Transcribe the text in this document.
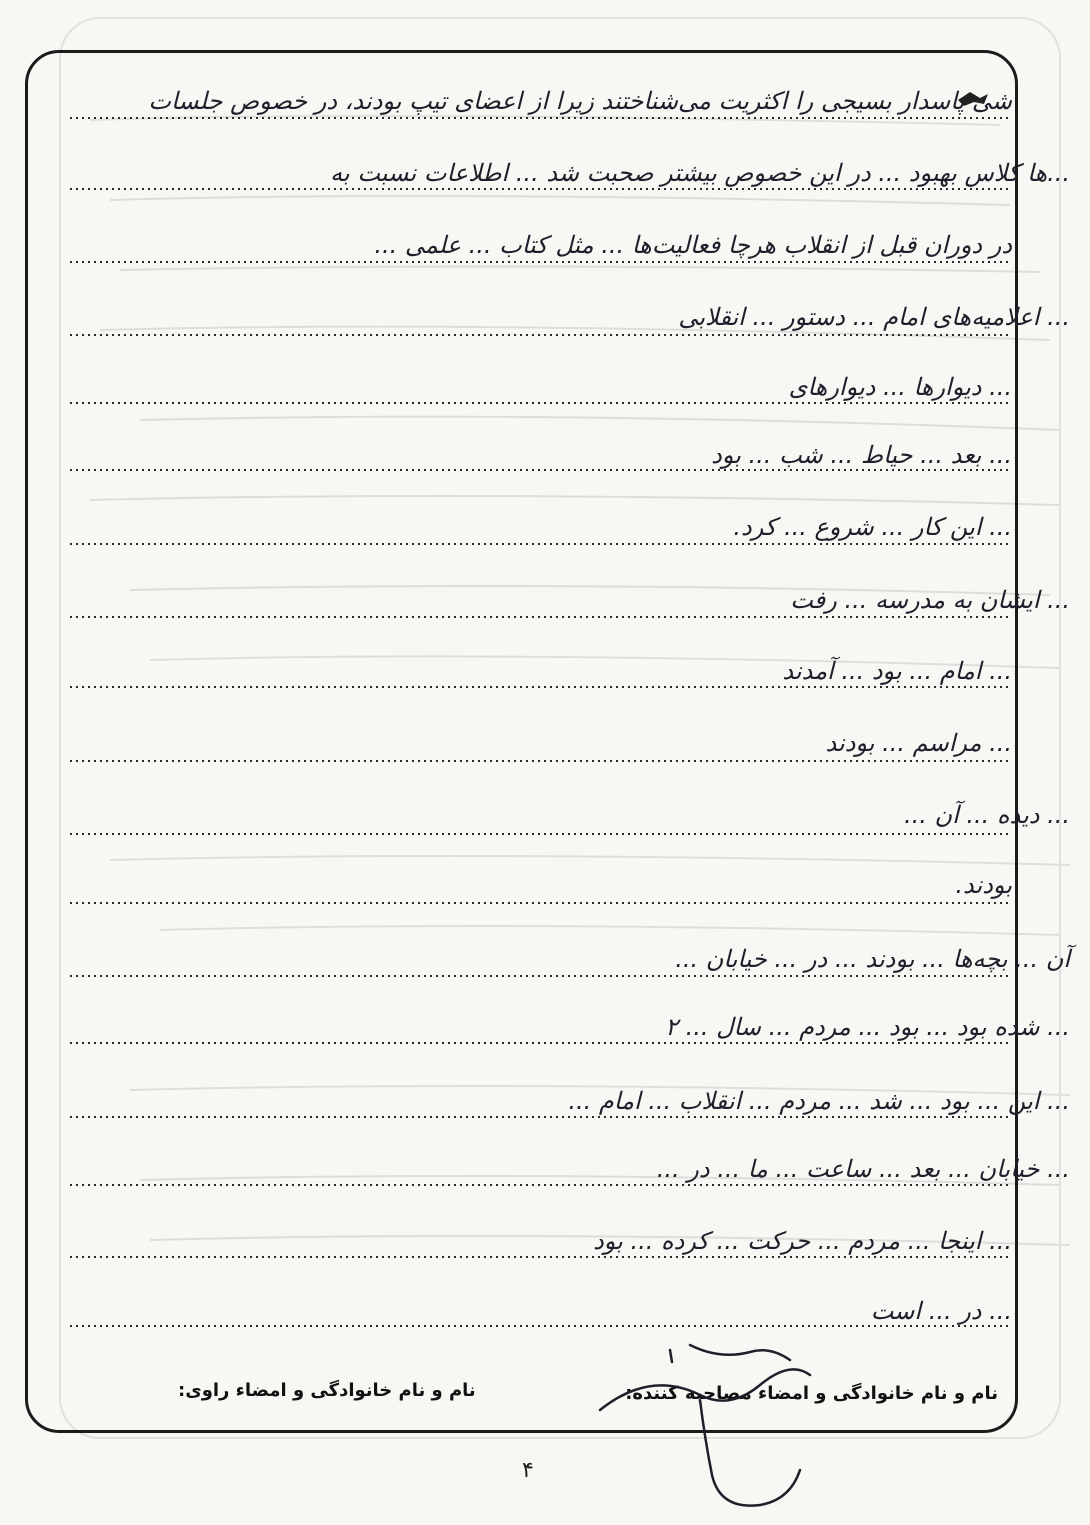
شی پاسدار بسیجی را اکثریت می‌شناختند زیرا از اعضای تیپ بودند، در خصوص جلسات
...ها کلاس بهبود ... در این خصوص بیشتر صحبت شد ... اطلاعات نسبت به
در دوران قبل از انقلاب هرچا فعالیت‌ها ... مثل کتاب ... علمی ...
... اعلامیه‌های امام ... دستور ... انقلابی
... دیوارها ... دیوارهای
... بعد ... حیاط ... شب ... بود
... این کار ... شروع ... کرد.
... ایشان به مدرسه ... رفت
... امام ... بود ... آمدند
... مراسم ... بودند
... دیده ... آن ...
بودند.
آن ... بچه‌ها ... بودند ... در ... خیابان ...
... شده بود ... بود ... مردم ... سال ... ۲
... این ... بود ... شد ... مردم ... انقلاب ... امام ...
... خیابان ... بعد ... ساعت ... ما ... در ...
... اینجا ... مردم ... حرکت ... کرده ... بود
... در ... است
نام و نام خانوادگی و امضاء مصاحبه کننده:
نام و نام خانوادگی و امضاء راوی:
۴
